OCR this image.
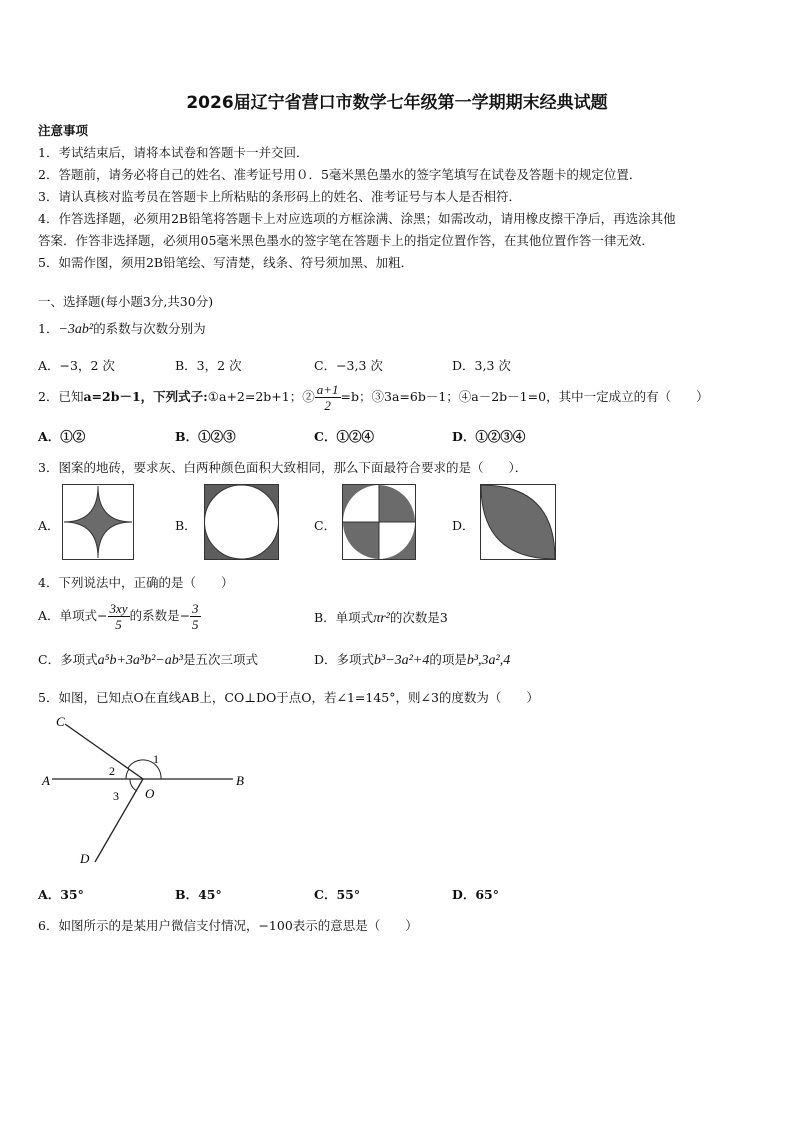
2026届辽宁省营口市数学七年级第一学期期末经典试题
注意事项
1．考试结束后，请将本试卷和答题卡一并交回．
2．答题前，请务必将自己的姓名、准考证号用０．5毫米黑色墨水的签字笔填写在试卷及答题卡的规定位置．
3．请认真核对监考员在答题卡上所粘贴的条形码上的姓名、准考证号与本人是否相符．
4．作答选择题，必须用2B铅笔将答题卡上对应选项的方框涂满、涂黑；如需改动，请用橡皮擦干净后，再选涂其他
答案．作答非选择题，必须用05毫米黑色墨水的签字笔在答题卡上的指定位置作答，在其他位置作答一律无效．
5．如需作图，须用2B铅笔绘、写清楚，线条、符号须加黑、加粗．
一、选择题(每小题3分,共30分)
1．−3ab²的系数与次数分别为
A．−3，2 次	B．3，2 次	C．−3,3 次	D．3,3 次
2．已知a=2b－1，下列式子:①a+2=2b+1；② $\frac{a+1}{2} =b$；③3a=6b－1；④a－2b－1=0，其中一定成立的有（　　）
A．①②	B．①②③	C．①②④	D．①②③④
3．图案的地砖，要求灰、白两种颜色面积大致相同，那么下面最符合要求的是（　　）．
A．	B．	C．	D．
4．下列说法中，正确的是（　　）
A．单项式− $\frac{3xy}{5}$ 的系数是− $\frac{3}{5}$	B．单项式πr²的次数是3
C．多项式a⁵b+3a³b²−ab³是五次三项式	D．多项式b³−3a²+4的项是b³,3a²,4
5．如图，已知点O在直线AB上，CO⊥DO于点O，若∠1=145°，则∠3的度数为（　　）
A	B
C
D
O
1
2
3
A．35°	B．45°	C．55°	D．65°
6．如图所示的是某用户微信支付情况，−100表示的意思是（　　）
